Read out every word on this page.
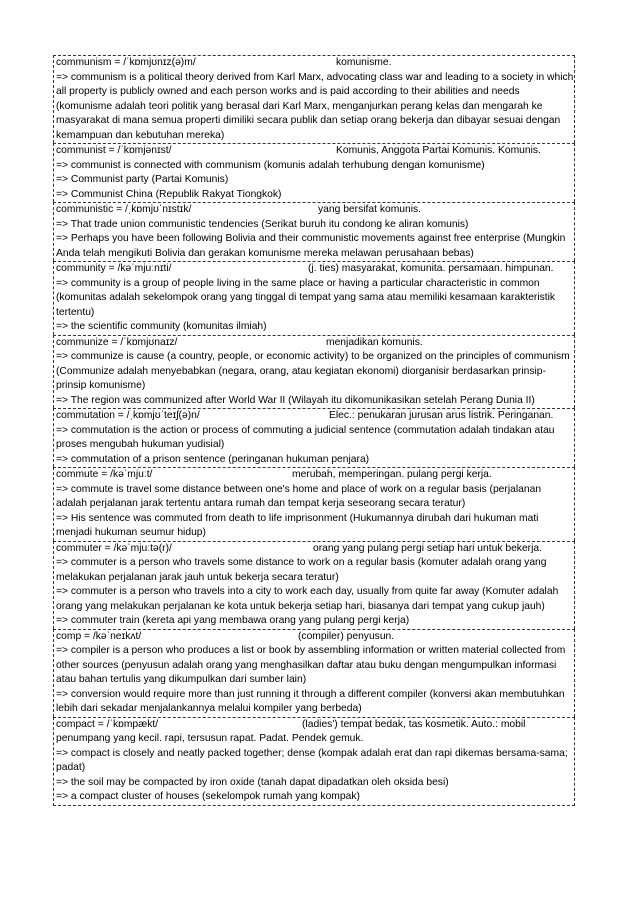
communism = /ˈkɒmjʊnɪz(ə)m/	komunisme.
=> communism is a political theory derived from Karl Marx, advocating class war and leading to a society in which all property is publicly owned and each person works and is paid according to their abilities and needs (komunisme adalah teori politik yang berasal dari Karl Marx, menganjurkan perang kelas dan mengarah ke masyarakat di mana semua properti dimiliki secara publik dan setiap orang bekerja dan dibayar sesuai dengan kemampuan dan kebutuhan mereka)
communist = /ˈkɒmjənɪst/	Komunis, Anggota Partai Komunis. Komunis.
=> communist is connected with communism (komunis adalah terhubung dengan komunisme)
=> Communist party (Partai Komunis)
=> Communist China (Republik Rakyat Tiongkok)
communistic = /ˌkɒmjʊˈnɪstɪk/	yang bersifat komunis.
=> That trade union communistic tendencies (Serikat buruh itu condong ke aliran komunis)
=> Perhaps you have been following Bolivia and their communistic movements against free enterprise (Mungkin Anda telah mengikuti Bolivia dan gerakan komunisme mereka melawan perusahaan bebas)
community = /kəˈmjuːnɪti/	(j. ties) masyarakat, komunita. persamaan. himpunan.
=> community is a group of people living in the same place or having a particular characteristic in common (komunitas adalah sekelompok orang yang tinggal di tempat yang sama atau memiliki kesamaan karakteristik tertentu)
=> the scientific community (komunitas ilmiah)
communize = /ˈkɒmjʊnaɪz/	menjadikan komunis.
=> communize is cause (a country, people, or economic activity) to be organized on the principles of communism (Communize adalah menyebabkan (negara, orang, atau kegiatan ekonomi) diorganisir berdasarkan prinsip-prinsip komunisme)
=> The region was communized after World War II (Wilayah itu dikomunikasikan setelah Perang Dunia II)
commutation = /ˌkɒmjʊˈteɪʃ(ə)n/	Elec.: penukaran jurusan arus listrik. Peringanan.
=> commutation is the action or process of commuting a judicial sentence (commutation adalah tindakan atau proses mengubah hukuman yudisial)
=> commutation of a prison sentence (peringanan hukuman penjara)
commute = /kəˈmjuːt/	merubah, memperingan. pulang pergi kerja.
=> commute is travel some distance between one's home and place of work on a regular basis (perjalanan adalah perjalanan jarak tertentu antara rumah dan tempat kerja seseorang secara teratur)
=> His sentence was commuted from death to life imprisonment (Hukumannya dirubah dari hukuman mati menjadi hukuman seumur hidup)
commuter = /kəˈmjuːtə(r)/	orang yang pulang pergi setiap hari untuk bekerja.
=> commuter is a person who travels some distance to work on a regular basis (komuter adalah orang yang melakukan perjalanan jarak jauh untuk bekerja secara teratur)
=> commuter is a person who travels into a city to work each day, usually from quite far away (Komuter adalah orang yang melakukan perjalanan ke kota untuk bekerja setiap hari, biasanya dari tempat yang cukup jauh)
=> commuter train (kereta api yang membawa orang yang pulang pergi kerja)
comp = /kəˈneɪkʌt/	(compiler) penyusun.
=> compiler is a person who produces a list or book by assembling information or written material collected from other sources (penyusun adalah orang yang menghasilkan daftar atau buku dengan mengumpulkan informasi atau bahan tertulis yang dikumpulkan dari sumber lain)
=> conversion would require more than just running it through a different compiler (konversi akan membutuhkan lebih dari sekadar menjalankannya melalui kompiler yang berbeda)
compact = /ˈkɒmpækt/	(ladies') tempat bedak, tas kosmetik. Auto.: mobil
penumpang yang kecil. rapi, tersusun rapat. Padat. Pendek gemuk.
=> compact is closely and neatly packed together; dense (kompak adalah erat dan rapi dikemas bersama-sama; padat)
=> the soil may be compacted by iron oxide (tanah dapat dipadatkan oleh oksida besi)
=> a compact cluster of houses (sekelompok rumah yang kompak)
